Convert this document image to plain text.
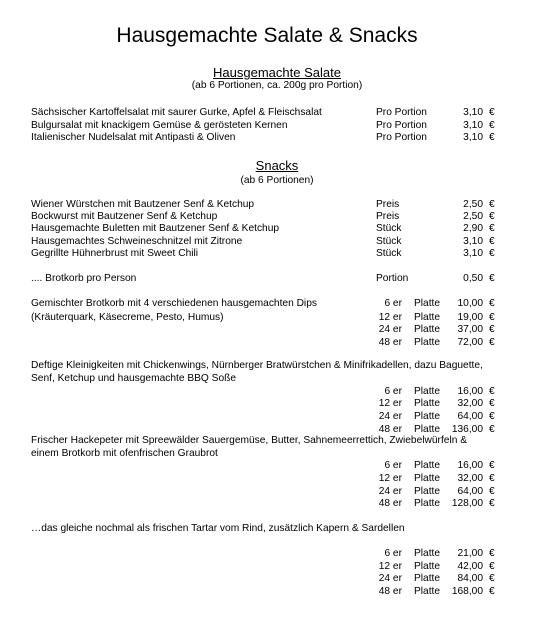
Hausgemachte Salate & Snacks
Hausgemachte Salate
(ab 6 Portionen, ca. 200g pro Portion)
Snacks
(ab 6 Portionen)
Sächsischer Kartoffelsalat mit saurer Gurke, Apfel & Fleischsalat	Pro Portion	3,10 €
Bulgursalat mit knackigem Gemüse & gerösteten Kernen	Pro Portion	3,10 €
Italienischer Nudelsalat mit Antipasti & Oliven	Pro Portion	3,10 €
Wiener Würstchen mit Bautzener Senf & Ketchup	Preis	2,50 €
Bockwurst mit Bautzener Senf & Ketchup	Preis	2,50 €
Hausgemachte Buletten mit Bautzener Senf & Ketchup	Stück	2,90 €
Hausgemachtes Schweineschnitzel mit Zitrone	Stück	3,10 €
Gegrillte Hühnerbrust mit Sweet Chili	Stück	3,10 €
.... Brotkorb pro Person	Portion	0,50 €
Gemischter Brotkorb mit 4 verschiedenen hausgemachten Dips
(Kräuterquark, Käsecreme, Pesto, Humus)
6 er Platte	10,00 €
12 er Platte	19,00 €
24 er Platte	37,00 €
48 er Platte	72,00 €
Deftige Kleinigkeiten mit Chickenwings, Nürnberger Bratwürstchen & Minifrikadellen, dazu Baguette,
Senf, Ketchup und hausgemachte BBQ Soße
6 er Platte	16,00 €
12 er Platte	32,00 €
24 er Platte	64,00 €
48 er Platte	136,00 €
Frischer Hackepeter mit Spreewälder Sauergemüse, Butter, Sahnemeerrettich, Zwiebelwürfeln &
einem Brotkorb mit ofenfrischen Graubrot
6 er Platte	16,00 €
12 er Platte	32,00 €
24 er Platte	64,00 €
48 er Platte	128,00 €
…das gleiche nochmal als frischen Tartar vom Rind, zusätzlich Kapern & Sardellen
6 er Platte	21,00 €
12 er Platte	42,00 €
24 er Platte	84,00 €
48 er Platte	168,00 €
